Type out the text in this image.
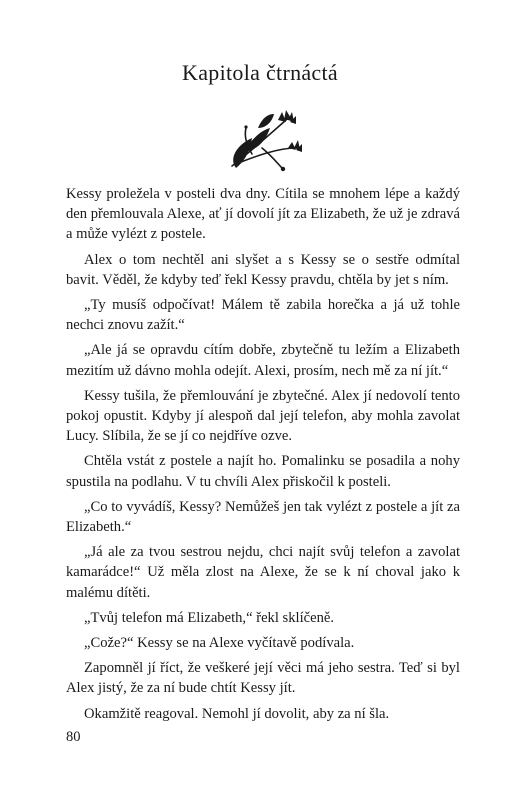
Kapitola čtrnáctá

Kessy proležela v posteli dva dny. Cítila se mnohem lépe a každý den přemlouvala Alexe, ať jí dovolí jít za Elizabeth, že už je zdravá a může vylézt z postele.

Alex o tom nechtěl ani slyšet a s Kessy se o sestře odmítal bavit. Věděl, že kdyby teď řekl Kessy pravdu, chtěla by jet s ním.

„Ty musíš odpočívat! Málem tě zabila horečka a já už tohle nechci znovu zažít.“

„Ale já se opravdu cítím dobře, zbytečně tu ležím a Elizabeth mezitím už dávno mohla odejít. Alexi, prosím, nech mě za ní jít.“

Kessy tušila, že přemlouvání je zbytečné. Alex jí nedovolí tento pokoj opustit. Kdyby jí alespoň dal její telefon, aby mohla zavolat Lucy. Slíbila, že se jí co nejdříve ozve.

Chtěla vstát z postele a najít ho. Pomalinku se posadila a nohy spustila na podlahu. V tu chvíli Alex přiskočil k posteli.

„Co to vyvádíš, Kessy? Nemůžeš jen tak vylézt z postele a jít za Elizabeth.“

„Já ale za tvou sestrou nejdu, chci najít svůj telefon a zavolat kamarádce!“ Už měla zlost na Alexe, že se k ní choval jako k malému dítěti.

„Tvůj telefon má Elizabeth,“ řekl sklíčeně.

„Cože?“ Kessy se na Alexe vyčítavě podívala.

Zapomněl jí říct, že veškeré její věci má jeho sestra. Teď si byl Alex jistý, že za ní bude chtít Kessy jít.

Okamžitě reagoval. Nemohl jí dovolit, aby za ní šla.

80
